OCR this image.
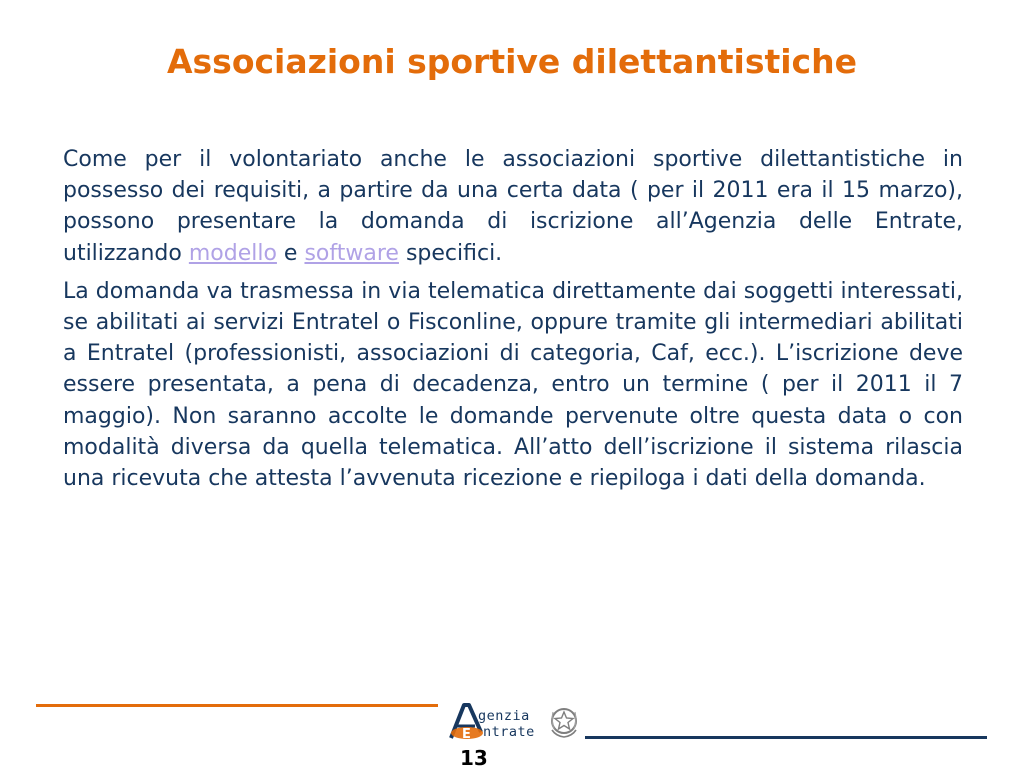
Associazioni sportive dilettantistiche

Come per il volontariato anche le associazioni sportive dilettantistiche in possesso dei requisiti, a partire da una certa data ( per il 2011 era il 15 marzo), possono presentare la domanda di iscrizione all’Agenzia delle Entrate, utilizzando modello e software specifici.

La domanda va trasmessa in via telematica direttamente dai soggetti interessati, se abilitati ai servizi Entratel o Fisconline, oppure tramite gli intermediari abilitati a Entratel (professionisti, associazioni di categoria, Caf, ecc.). L’iscrizione deve essere presentata, a pena di decadenza, entro un termine ( per il 2011 il 7 maggio). Non saranno accolte le domande pervenute oltre questa data o con modalità diversa da quella telematica. All’atto dell’iscrizione il sistema rilascia una ricevuta che attesta l’avvenuta ricezione e riepiloga i dati della domanda.

E
genzia
ntrate
13
